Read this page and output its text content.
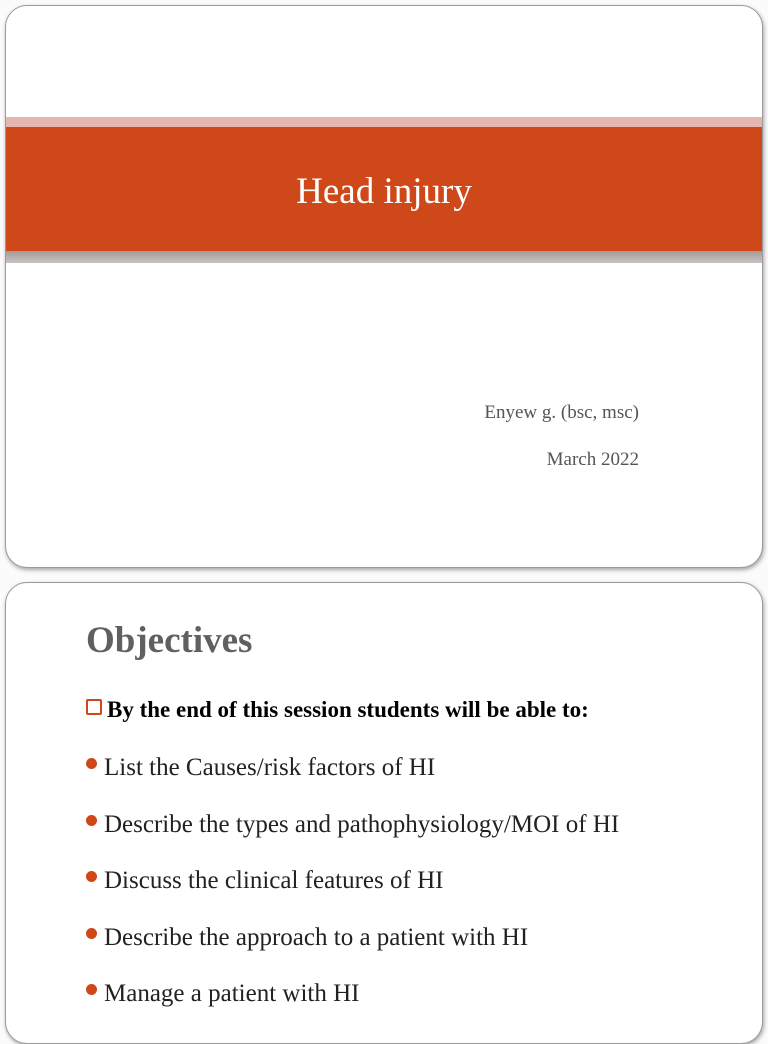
Head injury
Enyew g. (bsc, msc)
March 2022
Objectives
By the end of this session students will be able to:
List the Causes/risk factors of HI
Describe the types and pathophysiology/MOI of HI
Discuss the clinical features of HI
Describe the approach to a patient with HI
Manage a patient with HI
